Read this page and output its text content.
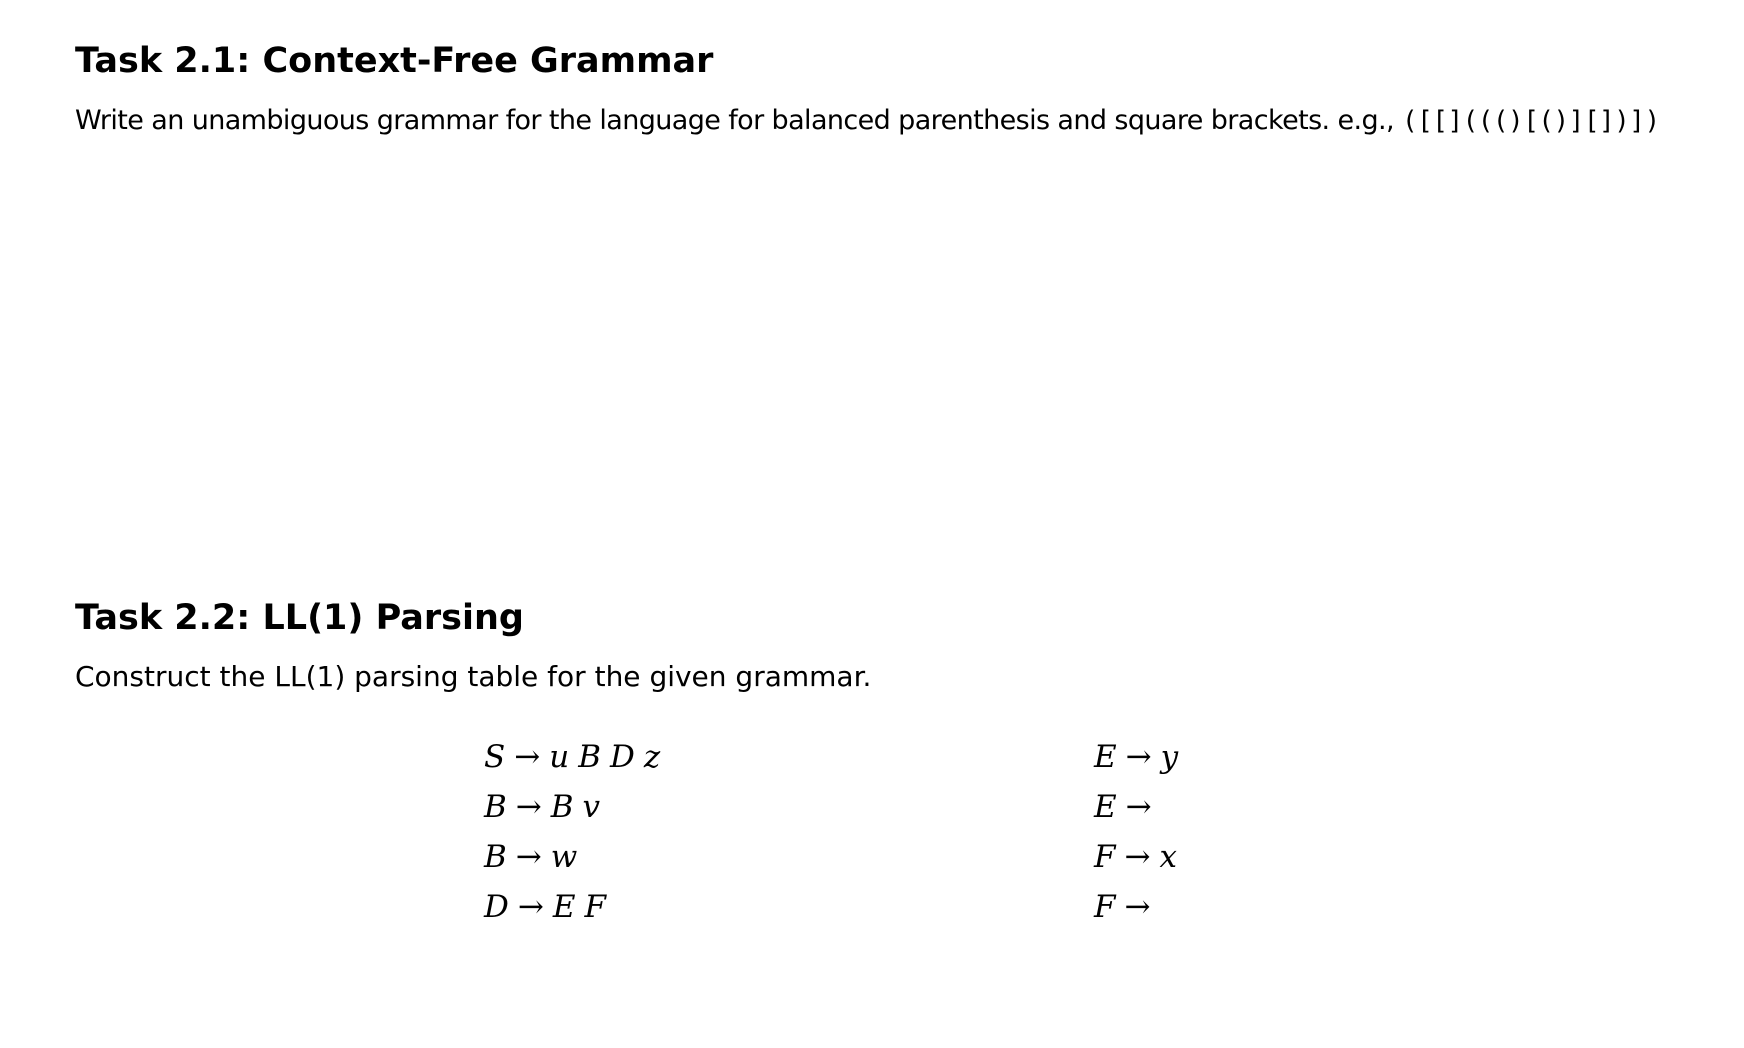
Task 2.1: Context-Free Grammar

Write an unambiguous grammar for the language for balanced parenthesis and square brackets. e.g., ([[]((()[()][])])

Task 2.2: LL(1) Parsing

Construct the LL(1) parsing table for the given grammar.

S → u B D z
B → B v
B → w
D → E F
E → y
E →
F → x
F →
